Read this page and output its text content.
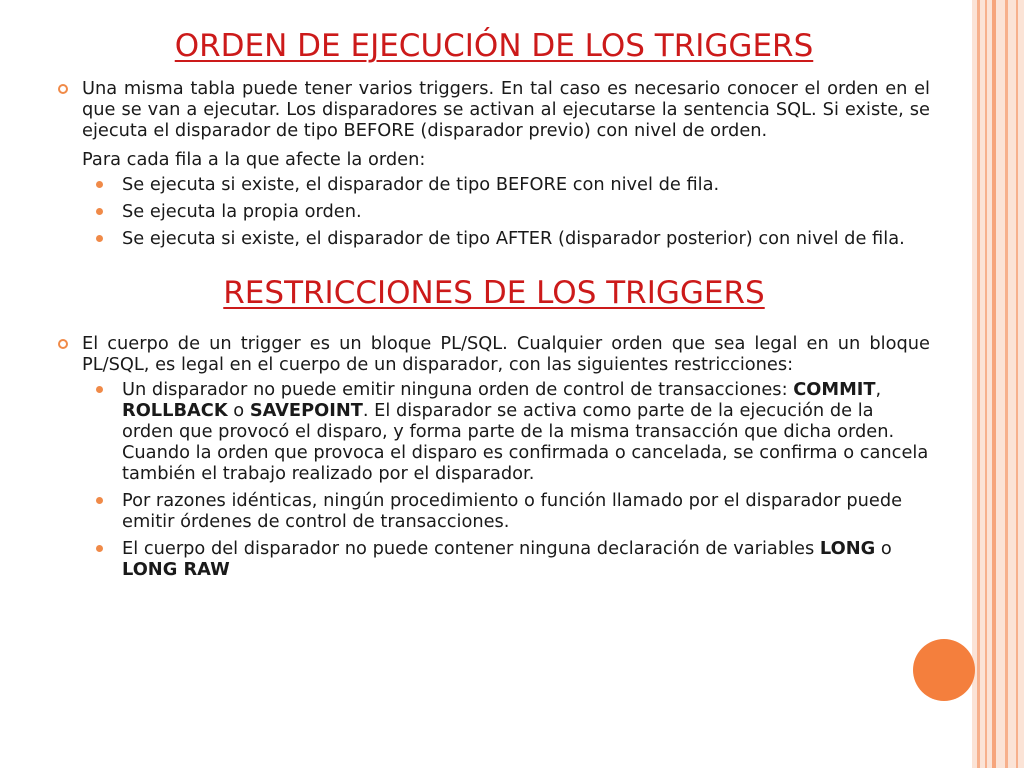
ORDEN DE EJECUCIÓN DE LOS TRIGGERS
Una misma tabla puede tener varios triggers. En tal caso es necesario conocer el orden en el que se van a ejecutar. Los disparadores se activan al ejecutarse la sentencia SQL. Si existe, se ejecuta el disparador de tipo BEFORE (disparador previo) con nivel de orden.
Para cada fila a la que afecte la orden:
Se ejecuta si existe, el disparador de tipo BEFORE con nivel de fila.
Se ejecuta la propia orden.
Se ejecuta si existe, el disparador de tipo AFTER (disparador posterior) con nivel de fila.
RESTRICCIONES DE LOS TRIGGERS
El cuerpo de un trigger es un bloque PL/SQL. Cualquier orden que sea legal en un bloque PL/SQL, es legal en el cuerpo de un disparador, con las siguientes restricciones:
Un disparador no puede emitir ninguna orden de control de transacciones: COMMIT, ROLLBACK o SAVEPOINT. El disparador se activa como parte de la ejecución de la orden que provocó el disparo, y forma parte de la misma transacción que dicha orden. Cuando la orden que provoca el disparo es confirmada o cancelada, se confirma o cancela también el trabajo realizado por el disparador.
Por razones idénticas, ningún procedimiento o función llamado por el disparador puede emitir órdenes de control de transacciones.
El cuerpo del disparador no puede contener ninguna declaración de variables LONG o LONG RAW
